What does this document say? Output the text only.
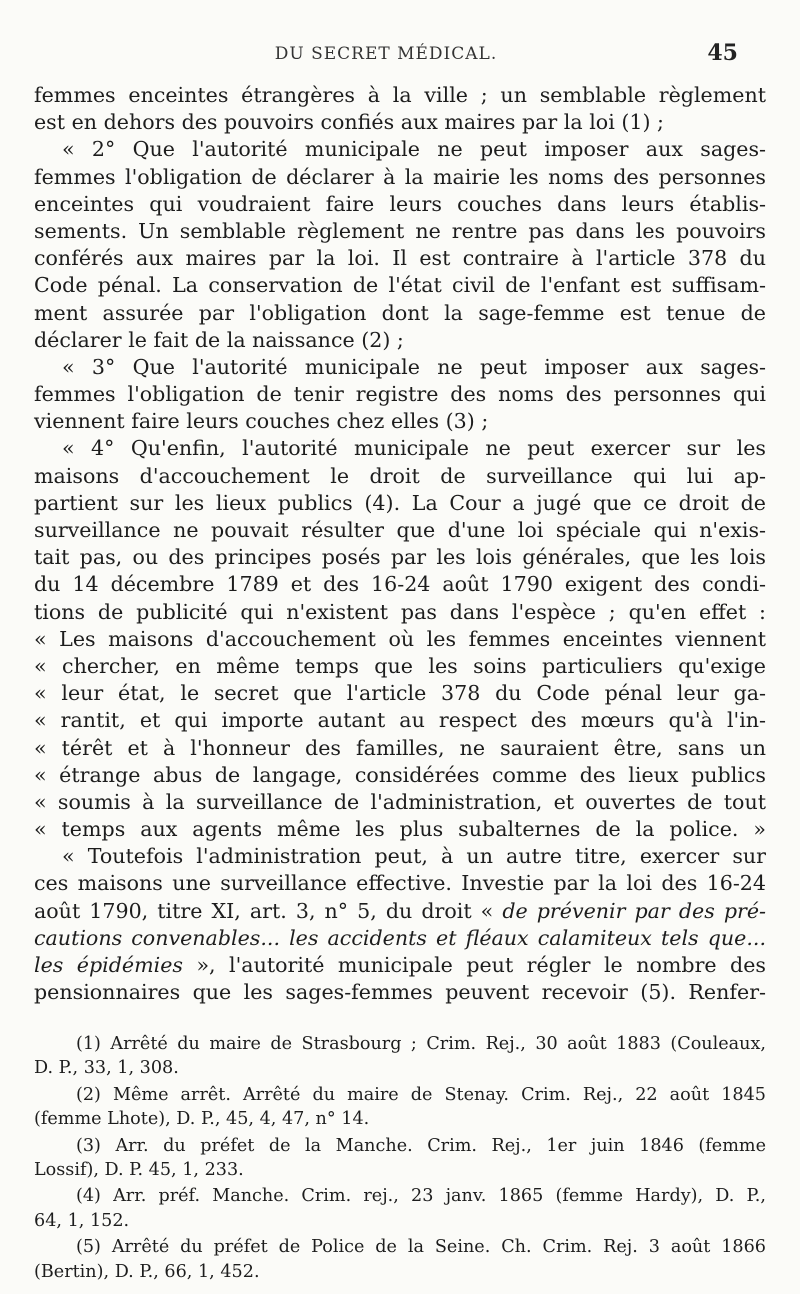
DU SECRET MÉDICAL.	45
femmes enceintes étrangères à la ville ; un semblable règlement
est en dehors des pouvoirs confiés aux maires par la loi (1) ;
« 2° Que l'autorité municipale ne peut imposer aux sages-
femmes l'obligation de déclarer à la mairie les noms des personnes
enceintes qui voudraient faire leurs couches dans leurs établis-
sements. Un semblable règlement ne rentre pas dans les pouvoirs
conférés aux maires par la loi. Il est contraire à l'article 378 du
Code pénal. La conservation de l'état civil de l'enfant est suffisam-
ment assurée par l'obligation dont la sage-femme est tenue de
déclarer le fait de la naissance (2) ;
« 3° Que l'autorité municipale ne peut imposer aux sages-
femmes l'obligation de tenir registre des noms des personnes qui
viennent faire leurs couches chez elles (3) ;
« 4° Qu'enfin, l'autorité municipale ne peut exercer sur les
maisons d'accouchement le droit de surveillance qui lui ap-
partient sur les lieux publics (4). La Cour a jugé que ce droit de
surveillance ne pouvait résulter que d'une loi spéciale qui n'exis-
tait pas, ou des principes posés par les lois générales, que les lois
du 14 décembre 1789 et des 16-24 août 1790 exigent des condi-
tions de publicité qui n'existent pas dans l'espèce ; qu'en effet :
« Les maisons d'accouchement où les femmes enceintes viennent
« chercher, en même temps que les soins particuliers qu'exige
« leur état, le secret que l'article 378 du Code pénal leur ga-
« rantit, et qui importe autant au respect des mœurs qu'à l'in-
« térêt et à l'honneur des familles, ne sauraient être, sans un
« étrange abus de langage, considérées comme des lieux publics
« soumis à la surveillance de l'administration, et ouvertes de tout
« temps aux agents même les plus subalternes de la police. »
« Toutefois l'administration peut, à un autre titre, exercer sur
ces maisons une surveillance effective. Investie par la loi des 16-24
août 1790, titre XI, art. 3, n° 5, du droit « de prévenir par des pré-
cautions convenables... les accidents et fléaux calamiteux tels que...
les épidémies », l'autorité municipale peut régler le nombre des
pensionnaires que les sages-femmes peuvent recevoir (5). Renfer-
(1) Arrêté du maire de Strasbourg ; Crim. Rej., 30 août 1883 (Couleaux,
D. P., 33, 1, 308.
(2) Même arrêt. Arrêté du maire de Stenay. Crim. Rej., 22 août 1845
(femme Lhote), D. P., 45, 4, 47, n° 14.
(3) Arr. du préfet de la Manche. Crim. Rej., 1er juin 1846 (femme
Lossif), D. P. 45, 1, 233.
(4) Arr. préf. Manche. Crim. rej., 23 janv. 1865 (femme Hardy), D. P.,
64, 1, 152.
(5) Arrêté du préfet de Police de la Seine. Ch. Crim. Rej. 3 août 1866
(Bertin), D. P., 66, 1, 452.
